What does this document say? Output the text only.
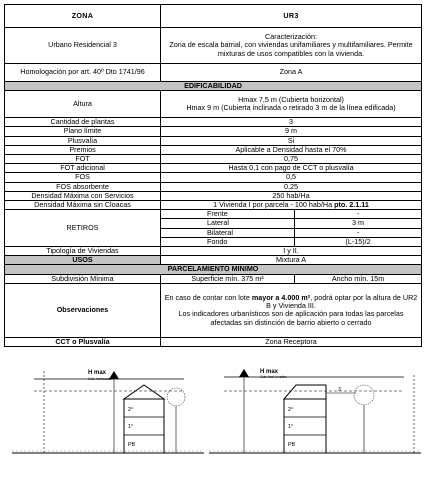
ZONA	UR3	
Urbano Residencial 3	Caracterización:
Zona de escala barrial, con viviendas unifamiliares y multifamiliares. Permite mixturas de usos compatibles con la vivienda.	
Homologación por art. 40º Dto 1741/96	Zona A	
EDIFICABILIDAD		
Altura	Hmax 7,5 m (Cubierta horizontal)
Hmax 9 m (Cubierta inclinada o retirado 3 m de la línea edificada)	
Cantidad de plantas	3	
Plano límite	9 m	
Plusvalía	Si	
Premios	Aplicable a Densidad hasta el 70%	
FOT	0,75	
FOT adicional	Hasta 0,1 con pago de CCT o plusvalía	
FOS	0,5	
FOS absorbente	0,25	
Densidad Máxima con Servicios	250 hab/Ha	
Densidad Máxima sin Cloacas	1 Vivienda I por parcela - 100 hab/Ha pto. 2.1.11	
RETIROS	Frente	-
	Lateral	3 m
	Bilateral	-
	Fondo	(L-15)/2
Tipología de Viviendas	I y II.	
USOS	Mixtura A	
PARCELAMIENTO MINIMO		
Subdivisión Mínima	Superficie mín. 375 m²	Ancho mín. 15m
Observaciones	En caso de contar con lote mayor a 4.000 m², podrá optar por la altura de UR2 B y Vivienda III.
Los indicadores urbanísticos son de aplicación para todas las parcelas afectadas sin distinción de barrio abierto o cerrado	
CCT o Plusvalía	Zona Receptora	
H max
Cub. horizontal
2°
1°
PB
H max
Cub. incl. o retiro
2°
1°
PB
3
